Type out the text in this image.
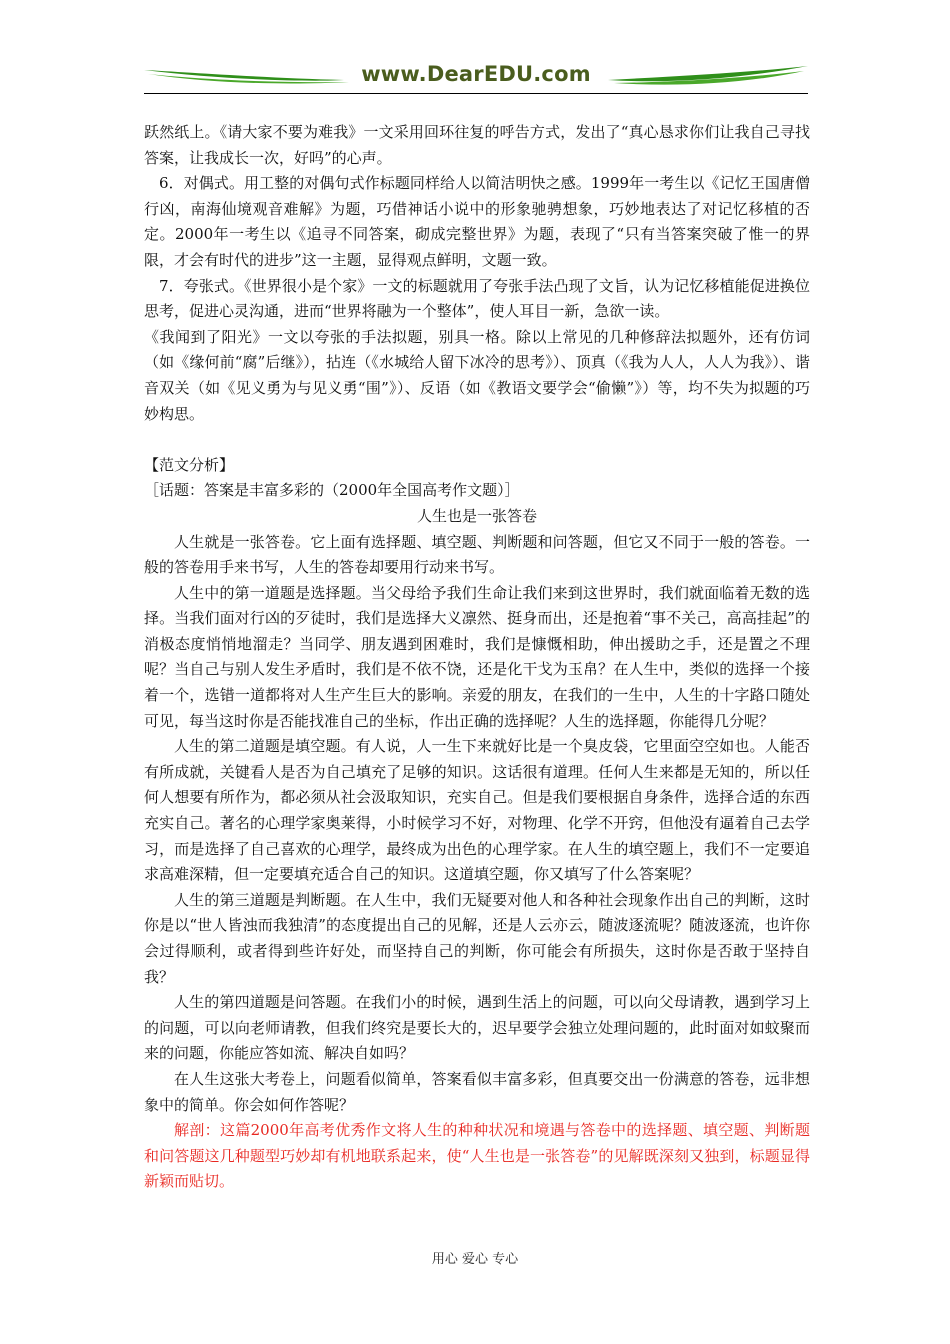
www.DearEDU.com

跃然纸上。《请大家不要为难我》一文采用回环往复的呼告方式，发出了“真心恳求你们让我自己寻找答案，让我成长一次，好吗”的心声。

6．对偶式。用工整的对偶句式作标题同样给人以简洁明快之感。1999年一考生以《记忆王国唐僧行凶，南海仙境观音难解》为题，巧借神话小说中的形象驰骋想象，巧妙地表达了对记忆移植的否定。2000年一考生以《追寻不同答案，砌成完整世界》为题，表现了“只有当答案突破了惟一的界限，才会有时代的进步”这一主题，显得观点鲜明，文题一致。

7．夸张式。《世界很小是个家》一文的标题就用了夸张手法凸现了文旨，认为记忆移植能促进换位思考，促进心灵沟通，进而“世界将融为一个整体”，使人耳目一新，急欲一读。

《我闻到了阳光》一文以夸张的手法拟题，别具一格。除以上常见的几种修辞法拟题外，还有仿词（如《缘何前“腐”后继》），拈连（《水城给人留下冰冷的思考》）、顶真（《我为人人，人人为我》）、谐音双关（如《见义勇为与见义勇“围”》）、反语（如《教语文要学会“偷懒”》）等，均不失为拟题的巧妙构思。

【范文分析】

［话题：答案是丰富多彩的（2000年全国高考作文题）］

人生也是一张答卷

人生就是一张答卷。它上面有选择题、填空题、判断题和问答题，但它又不同于一般的答卷。一般的答卷用手来书写，人生的答卷却要用行动来书写。

人生中的第一道题是选择题。当父母给予我们生命让我们来到这世界时，我们就面临着无数的选择。当我们面对行凶的歹徒时，我们是选择大义凛然、挺身而出，还是抱着“事不关己，高高挂起”的消极态度悄悄地溜走？当同学、朋友遇到困难时，我们是慷慨相助，伸出援助之手，还是置之不理呢？当自己与别人发生矛盾时，我们是不依不饶，还是化干戈为玉帛？在人生中，类似的选择一个接着一个，选错一道都将对人生产生巨大的影响。亲爱的朋友，在我们的一生中，人生的十字路口随处可见，每当这时你是否能找准自己的坐标，作出正确的选择呢？人生的选择题，你能得几分呢？

人生的第二道题是填空题。有人说，人一生下来就好比是一个臭皮袋，它里面空空如也。人能否有所成就，关键看人是否为自己填充了足够的知识。这话很有道理。任何人生来都是无知的，所以任何人想要有所作为，都必须从社会汲取知识，充实自己。但是我们要根据自身条件，选择合适的东西充实自己。著名的心理学家奥莱得，小时候学习不好，对物理、化学不开窍，但他没有逼着自己去学习，而是选择了自己喜欢的心理学，最终成为出色的心理学家。在人生的填空题上，我们不一定要追求高难深精，但一定要填充适合自己的知识。这道填空题，你又填写了什么答案呢？

人生的第三道题是判断题。在人生中，我们无疑要对他人和各种社会现象作出自己的判断，这时你是以“世人皆浊而我独清”的态度提出自己的见解，还是人云亦云，随波逐流呢？随波逐流，也许你会过得顺利，或者得到些许好处，而坚持自己的判断，你可能会有所损失，这时你是否敢于坚持自我？

人生的第四道题是问答题。在我们小的时候，遇到生活上的问题，可以向父母请教，遇到学习上的问题，可以向老师请教，但我们终究是要长大的，迟早要学会独立处理问题的，此时面对如蚊聚而来的问题，你能应答如流、解决自如吗？

在人生这张大考卷上，问题看似简单，答案看似丰富多彩，但真要交出一份满意的答卷，远非想象中的简单。你会如何作答呢？

解剖：这篇2000年高考优秀作文将人生的种种状况和境遇与答卷中的选择题、填空题、判断题和问答题这几种题型巧妙却有机地联系起来，使“人生也是一张答卷”的见解既深刻又独到，标题显得新颖而贴切。

用心 爱心 专心
